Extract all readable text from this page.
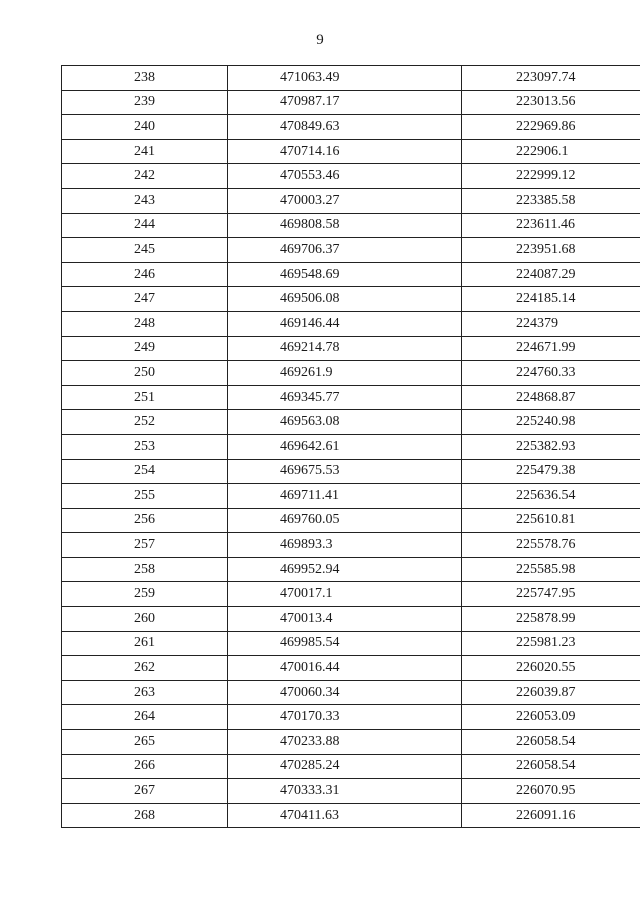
9
238	471063.49	223097.74
239	470987.17	223013.56
240	470849.63	222969.86
241	470714.16	222906.1
242	470553.46	222999.12
243	470003.27	223385.58
244	469808.58	223611.46
245	469706.37	223951.68
246	469548.69	224087.29
247	469506.08	224185.14
248	469146.44	224379
249	469214.78	224671.99
250	469261.9	224760.33
251	469345.77	224868.87
252	469563.08	225240.98
253	469642.61	225382.93
254	469675.53	225479.38
255	469711.41	225636.54
256	469760.05	225610.81
257	469893.3	225578.76
258	469952.94	225585.98
259	470017.1	225747.95
260	470013.4	225878.99
261	469985.54	225981.23
262	470016.44	226020.55
263	470060.34	226039.87
264	470170.33	226053.09
265	470233.88	226058.54
266	470285.24	226058.54
267	470333.31	226070.95
268	470411.63	226091.16
